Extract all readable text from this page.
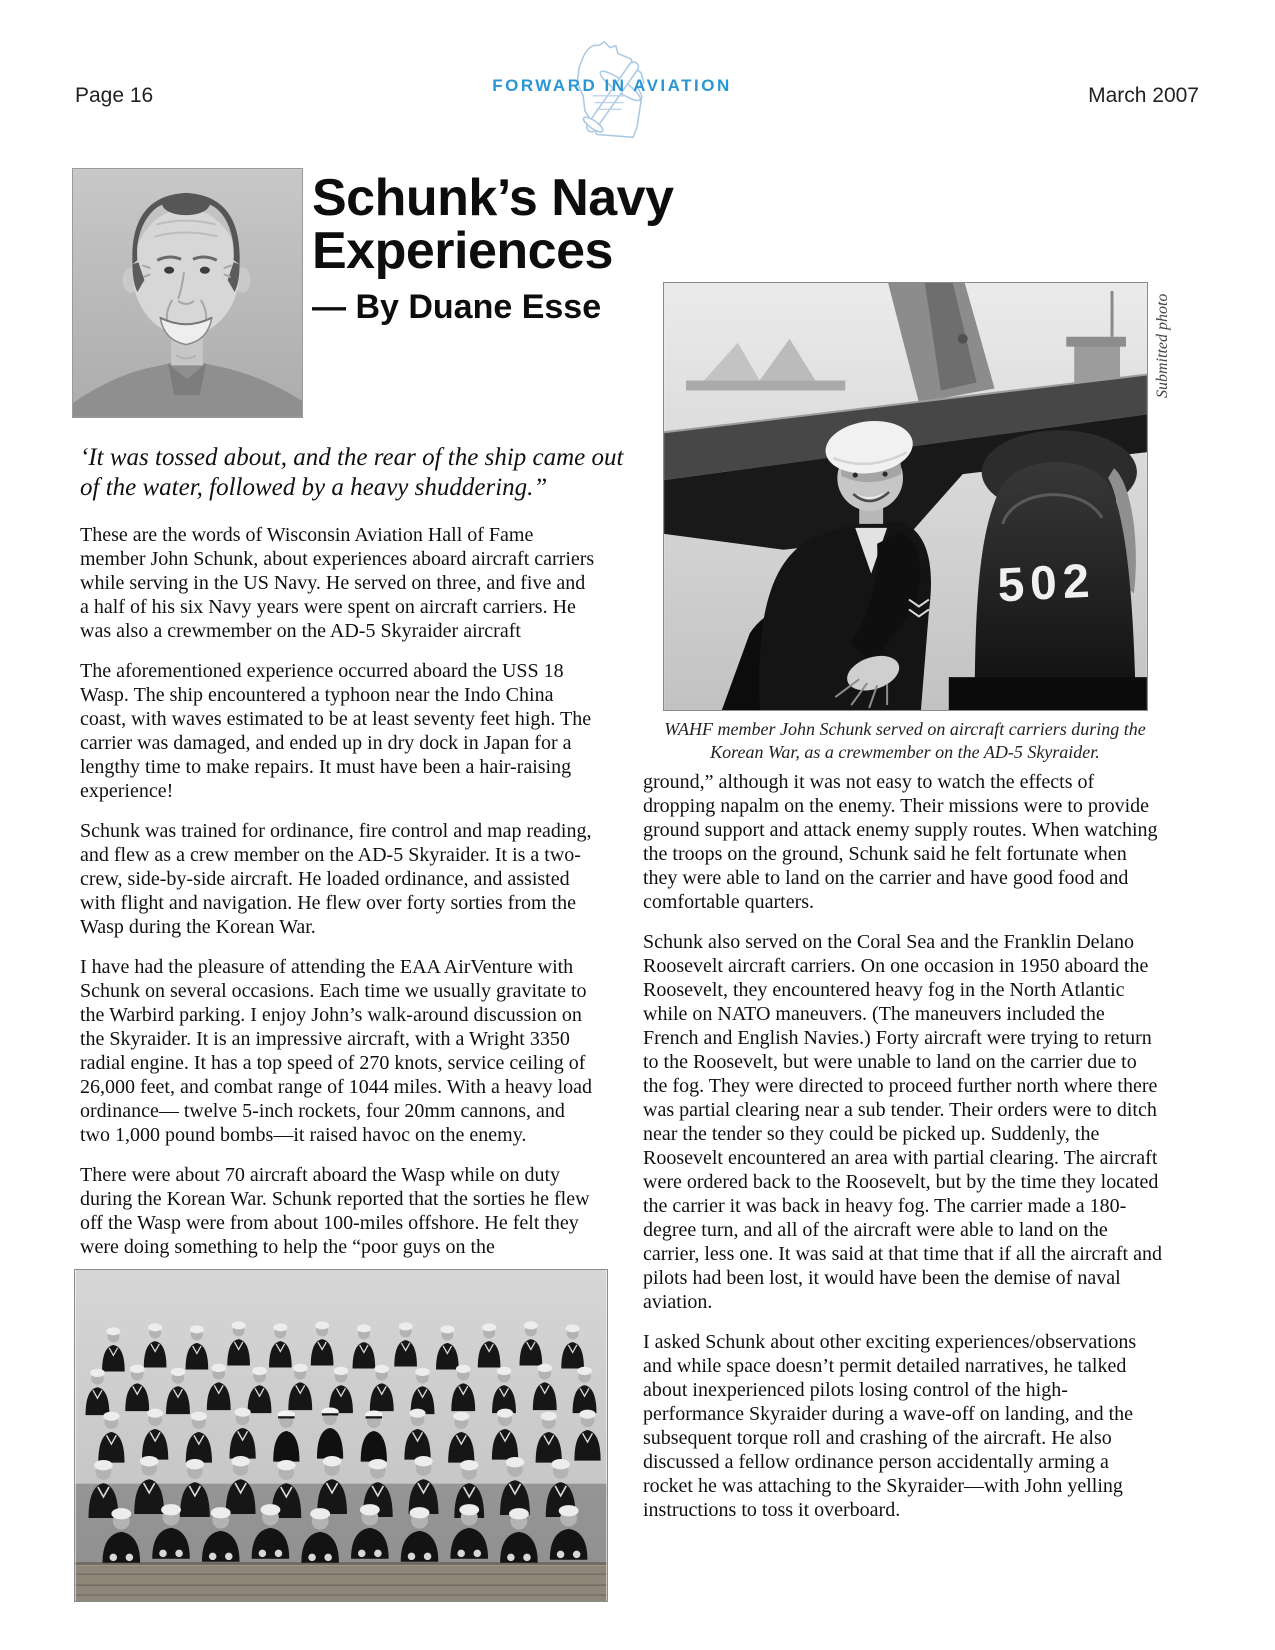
Page 16	March 2007
FORWARD IN AVIATION
Schunk’s Navy Experiences
— By Duane Esse
‘It was tossed about, and the rear of the ship came out of the water, followed by a heavy shuddering.”

These are the words of Wisconsin Aviation Hall of Fame member John Schunk, about experiences aboard aircraft carriers while serving in the US Navy. He served on three, and five and a half of his six Navy years were spent on aircraft carriers. He was also a crewmember on the AD-5 Skyraider aircraft

The aforementioned experience occurred aboard the USS 18 Wasp. The ship encountered a typhoon near the Indo China coast, with waves estimated to be at least seventy feet high. The carrier was damaged, and ended up in dry dock in Japan for a lengthy time to make repairs. It must have been a hair-raising experience!

Schunk was trained for ordinance, fire control and map reading, and flew as a crew member on the AD-5 Skyraider. It is a two-crew, side-by-side aircraft. He loaded ordinance, and assisted with flight and navigation. He flew over forty sorties from the Wasp during the Korean War.

I have had the pleasure of attending the EAA AirVenture with Schunk on several occasions. Each time we usually gravitate to the Warbird parking. I enjoy John’s walk-around discussion on the Skyraider. It is an impressive aircraft, with a Wright 3350 radial engine. It has a top speed of 270 knots, service ceiling of 26,000 feet, and combat range of 1044 miles. With a heavy load ordinance— twelve 5-inch rockets, four 20mm cannons, and two 1,000 pound bombs—it raised havoc on the enemy.

There were about 70 aircraft aboard the Wasp while on duty during the Korean War. Schunk reported that the sorties he flew off the Wasp were from about 100-miles offshore. He felt they were doing something to help the “poor guys on the

502
Submitted photo
WAHF member John Schunk served on aircraft carriers during the Korean War, as a crewmember on the AD-5 Skyraider.

ground,” although it was not easy to watch the effects of dropping napalm on the enemy. Their missions were to provide ground support and attack enemy supply routes. When watching the troops on the ground, Schunk said he felt fortunate when they were able to land on the carrier and have good food and comfortable quarters.

Schunk also served on the Coral Sea and the Franklin Delano Roosevelt aircraft carriers. On one occasion in 1950 aboard the Roosevelt, they encountered heavy fog in the North Atlantic while on NATO maneuvers. (The maneuvers included the French and English Navies.) Forty aircraft were trying to return to the Roosevelt, but were unable to land on the carrier due to the fog. They were directed to proceed further north where there was partial clearing near a sub tender. Their orders were to ditch near the tender so they could be picked up. Suddenly, the Roosevelt encountered an area with partial clearing. The aircraft were ordered back to the Roosevelt, but by the time they located the carrier it was back in heavy fog. The carrier made a 180-degree turn, and all of the aircraft were able to land on the carrier, less one. It was said at that time that if all the aircraft and pilots had been lost, it would have been the demise of naval aviation.

I asked Schunk about other exciting experiences/observations and while space doesn’t permit detailed narratives, he talked about inexperienced pilots losing control of the high-performance Skyraider during a wave-off on landing, and the subsequent torque roll and crashing of the aircraft. He also discussed a fellow ordinance person accidentally arming a rocket he was attaching to the Skyraider—with John yelling instructions to toss it overboard.
